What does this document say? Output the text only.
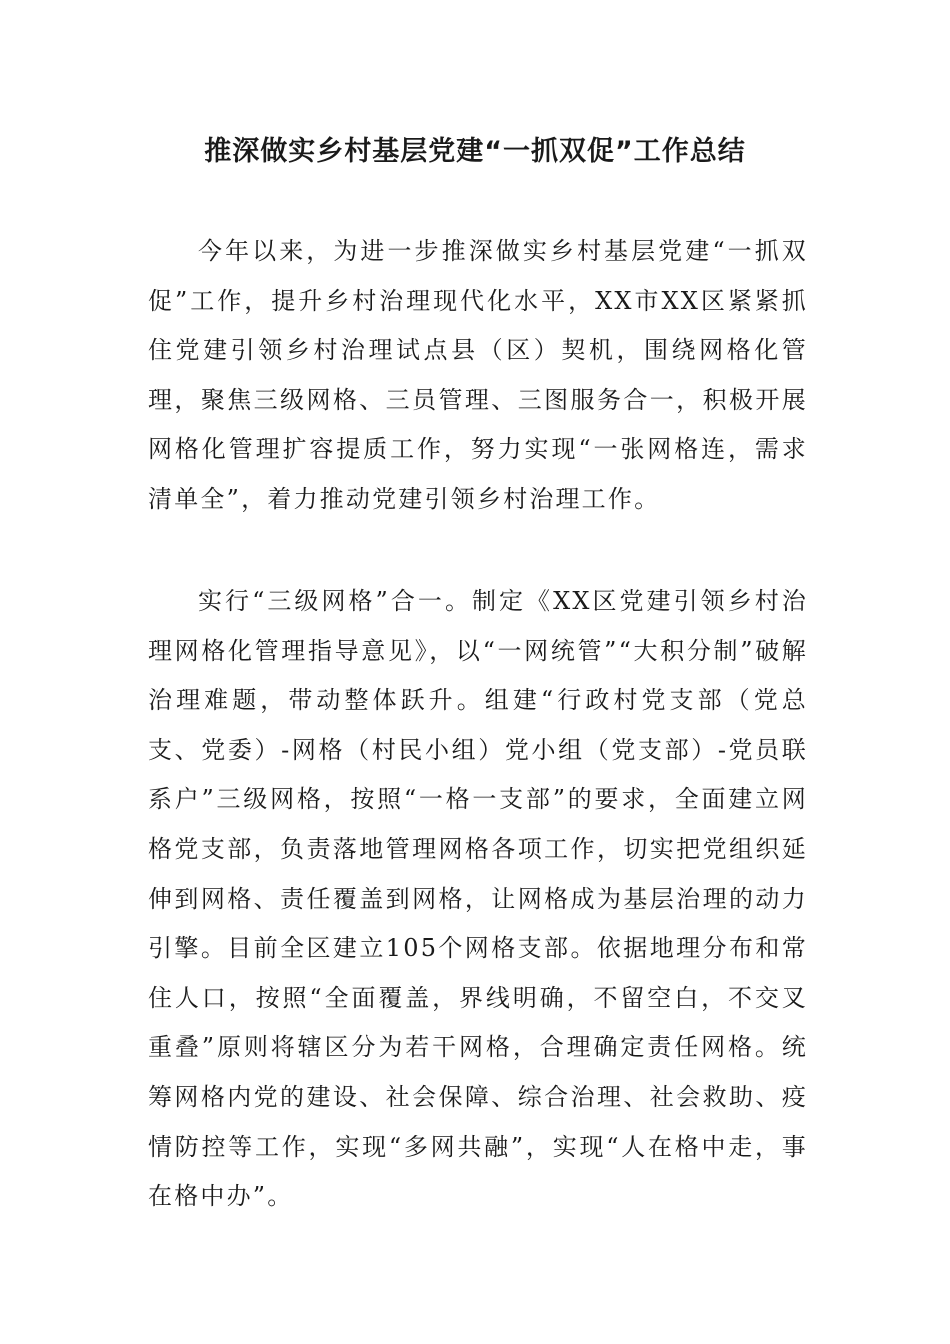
推深做实乡村基层党建“一抓双促”工作总结

今年以来，为进一步推深做实乡村基层党建“一抓双促”工作，提升乡村治理现代化水平，XX市XX区紧紧抓住党建引领乡村治理试点县（区）契机，围绕网格化管理，聚焦三级网格、三员管理、三图服务合一，积极开展网格化管理扩容提质工作，努力实现“一张网格连，需求清单全”，着力推动党建引领乡村治理工作。

实行“三级网格”合一。制定《XX区党建引领乡村治理网格化管理指导意见》，以“一网统管”“大积分制”破解治理难题，带动整体跃升。组建“行政村党支部（党总支、党委）-网格（村民小组）党小组（党支部）-党员联系户”三级网格，按照“一格一支部”的要求，全面建立网格党支部，负责落地管理网格各项工作，切实把党组织延伸到网格、责任覆盖到网格，让网格成为基层治理的动力引擎。目前全区建立105个网格支部。依据地理分布和常住人口，按照“全面覆盖，界线明确，不留空白，不交叉重叠”原则将辖区分为若干网格，合理确定责任网格。统筹网格内党的建设、社会保障、综合治理、社会救助、疫情防控等工作，实现“多网共融”，实现“人在格中走，事在格中办”。
